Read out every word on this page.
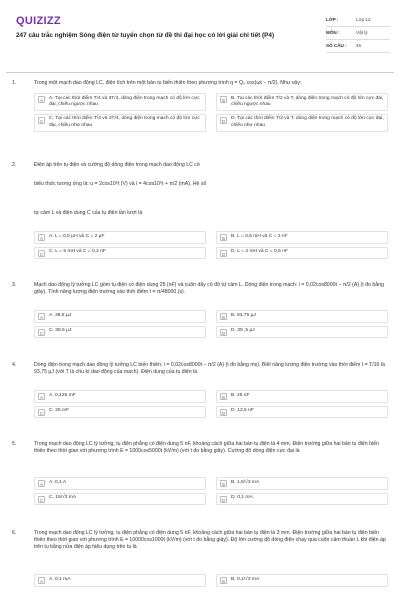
QUIZIZZ
247 câu trắc nghiệm Sóng điện từ tuyển chọn từ đề thi đại học có lời giải chi tiết (P4)
LỚP :	Lớp 12
MÔN :	Vật lý
SỐ CÂU :	45
1.	Trong một mạch dao động LC, điện tích trên một bản tụ biến thiên theo phương trình q = Q₀ cos(ωt − π/2). Như vậy:
A	A. Tại các thời điểm T/4 và 3T/4, dòng điện trong mạch có độ lớn cực đại, chiều ngược nhau
B	B. Tại các thời điểm T/2 và T, dòng điện trong mạch có độ lớn cực đại, chiều ngược nhau
C	C. Tại các thời điểm T/4 và 3T/4, dòng điện trong mạch có độ lớn cực đại, chiều như nhau
D	D. Tại các thời điểm T/2 và T, dòng điện trong mạch có độ lớn cực đại, chiều như nhau
2.	Điện áp trên tụ điện và cường độ dòng điện trong mạch dao động LC có
biểu thức tương ứng là: u = 2cos10⁶t (V) và i = 4cos10⁶t + π/2 (mA). Hệ số
tự cảm L và điện dung C của tụ điện lần lượt là
A	A. L = 0,5 μH và C = 2 μF	B	B. L = 0,5 mH và C = 2 nF
C	C. L = 5 mH và C = 0,2 nF	D	D. L = 2 mH và C = 0,5 nF
3.	Mạch dao động lý tưởng LC gồm tụ điện có điện dung 25 (nF) và cuộn dây có độ tự cảm L. Dòng điện trong mạch: i = 0,02cos8000t − π/2 (A) (t đo bằng giây). Tính năng lượng điện trường vào thời điểm t = π/48000 (s).
A	A. 38,5 μJ	B	B. 93,75 μJ
C	C. 38,5 μJ	D	D. 39 ,5 μJ
4.	Dòng điện trong mạch dao động lý tưởng LC biến thiên: i = 0,02cos8000t − π/2 (A) (t đo bằng ms). Biết năng lượng điện trường vào thời điểm t = T/16 là 93,75 μJ (với T là chu kì dao động của mạch). Điện dung của tụ điện là
A	A. 0,125 mF	B	B. 25 nF
C	C. 25 mF	D	D. 12,5 nF
5.	Trong mạch dao động LC lý tưởng, tụ điện phẳng có điện dung 5 nF, khoảng cách giữa hai bản tụ điện là 4 mm. Điện trường giữa hai bản tụ điện biến thiên theo thời gian với phương trình E = 1000cos5000t (kV/m) (với t đo bằng giây). Cường độ dòng điện cực đại là
A	A. 0,1 A	B	B. 1,5/√3 mA
C	C. 15/√3 mA	D	D. 0,1 mA
6.	Trong mạch dao động LC lý tưởng, tụ điện phẳng có điện dung 5 nF, khoảng cách giữa hai bản tụ điện là 3 mm. Điện trường giữa hai bản tụ điện biến thiên theo thời gian với phương trình E = 10000cos1000t (kV/m) (với t đo bằng giây). Độ lớn cường độ dòng điện chạy qua cuộn cảm thuần L khi điện áp trên tụ bằng nửa điện áp hiệu dụng trên tụ là
A	A. 0,1 mA	B	B. 0,1/√3 mA
